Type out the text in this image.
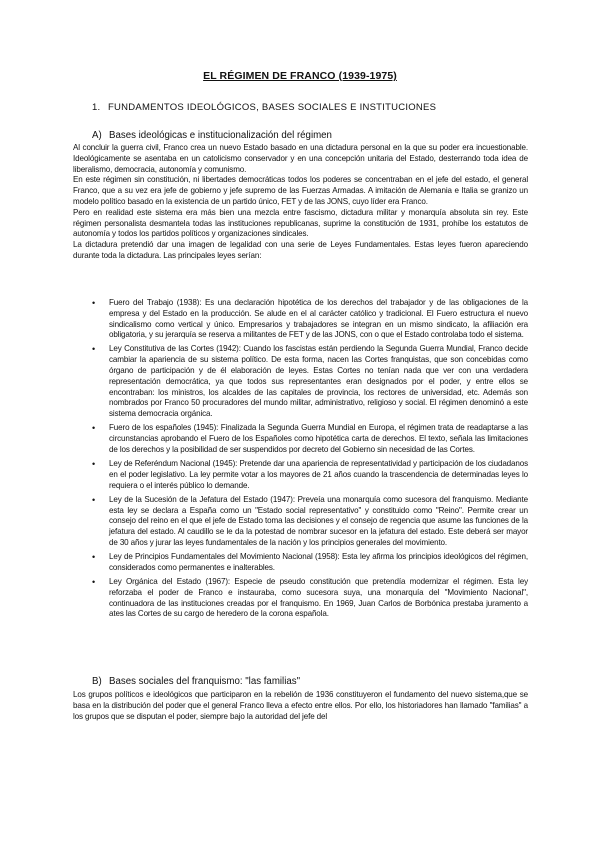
EL RÉGIMEN DE FRANCO (1939-1975)
1. FUNDAMENTOS IDEOLÓGICOS, BASES SOCIALES E INSTITUCIONES
A) Bases ideológicas e institucionalización del régimen

Al concluir la guerra civil, Franco crea un nuevo Estado basado en una dictadura personal en la que su poder era incuestionable. Ideológicamente se asentaba en un catolicismo conservador y en una concepción unitaria del Estado, desterrando toda idea de liberalismo, democracia, autonomía y comunismo.

En este régimen sin constitución, ni libertades democráticas todos los poderes se concentraban en el jefe del estado, el general Franco, que a su vez era jefe de gobierno y jefe supremo de las Fuerzas Armadas. A imitación de Alemania e Italia se granizo un modelo político basado en la existencia de un partido único, FET y de las JONS, cuyo líder era Franco.

Pero en realidad este sistema era más bien una mezcla entre fascismo, dictadura militar y monarquía absoluta sin rey. Este régimen personalista desmantela todas las instituciones republicanas, suprime la constitución de 1931, prohíbe los estatutos de autonomía y todos los partidos políticos y organizaciones sindicales.

La dictadura pretendió dar una imagen de legalidad con una serie de Leyes Fundamentales. Estas leyes fueron apareciendo durante toda la dictadura. Las principales leyes serían:

• Fuero del Trabajo (1938): Es una declaración hipotética de los derechos del trabajador y de las obligaciones de la empresa y del Estado en la producción. Se alude en el al carácter católico y tradicional. El Fuero estructura el nuevo sindicalismo como vertical y único. Empresarios y trabajadores se integran en un mismo sindicato, la afiliación era obligatoria, y su jerarquía se reserva a militantes de FET y de las JONS, con o que el Estado controlaba todo el sistema.
• Ley Constitutiva de las Cortes (1942): Cuando los fascistas están perdiendo la Segunda Guerra Mundial, Franco decide cambiar la apariencia de su sistema político. De esta forma, nacen las Cortes franquistas, que son concebidas como órgano de participación y de él elaboración de leyes. Estas Cortes no tenían nada que ver con una verdadera representación democrática, ya que todos sus representantes eran designados por el poder, y entre ellos se encontraban: los ministros, los alcaldes de las capitales de provincia, los rectores de universidad, etc. Además son nombrados por Franco 50 procuradores del mundo militar, administrativo, religioso y social. El régimen denominó a este sistema democracia orgánica.
• Fuero de los españoles (1945): Finalizada la Segunda Guerra Mundial en Europa, el régimen trata de readaptarse a las circunstancias aprobando el Fuero de los Españoles como hipotética carta de derechos. El texto, señala las limitaciones de los derechos y la posibilidad de ser suspendidos por decreto del Gobierno sin necesidad de las Cortes.
• Ley de Referéndum Nacional (1945): Pretende dar una apariencia de representatividad y participación de los ciudadanos en el poder legislativo. La ley permite votar a los mayores de 21 años cuando la trascendencia de determinadas leyes lo requiera o el interés público lo demande.
• Ley de la Sucesión de la Jefatura del Estado (1947): Preveía una monarquía como sucesora del franquismo. Mediante esta ley se declara a España como un "Estado social representativo" y constituido como "Reino". Permite crear un consejo del reino en el que el jefe de Estado toma las decisiones y el consejo de regencia que asume las funciones de la jefatura del estado. Al caudillo se le da la potestad de nombrar sucesor en la jefatura del estado. Este deberá ser mayor de 30 años y jurar las leyes fundamentales de la nación y los principios generales del movimiento.
• Ley de Principios Fundamentales del Movimiento Nacional (1958): Esta ley afirma los principios ideológicos del régimen, considerados como permanentes e inalterables.
• Ley Orgánica del Estado (1967): Especie de pseudo constitución que pretendía modernizar el régimen. Esta ley reforzaba el poder de Franco e instauraba, como sucesora suya, una monarquía del "Movimiento Nacional", continuadora de las instituciones creadas por el franquismo. En 1969, Juan Carlos de Borbónica prestaba juramento a ates las Cortes de su cargo de heredero de la corona española.
B) Bases sociales del franquismo: "las familias"

Los grupos políticos e ideológicos que participaron en la rebelión de 1936 constituyeron el fundamento del nuevo sistema,que se basa en la distribución del poder que el general Franco lleva a efecto entre ellos. Por ello, los historiadores han llamado "familias" a los grupos que se disputan el poder, siempre bajo la autoridad del jefe del
